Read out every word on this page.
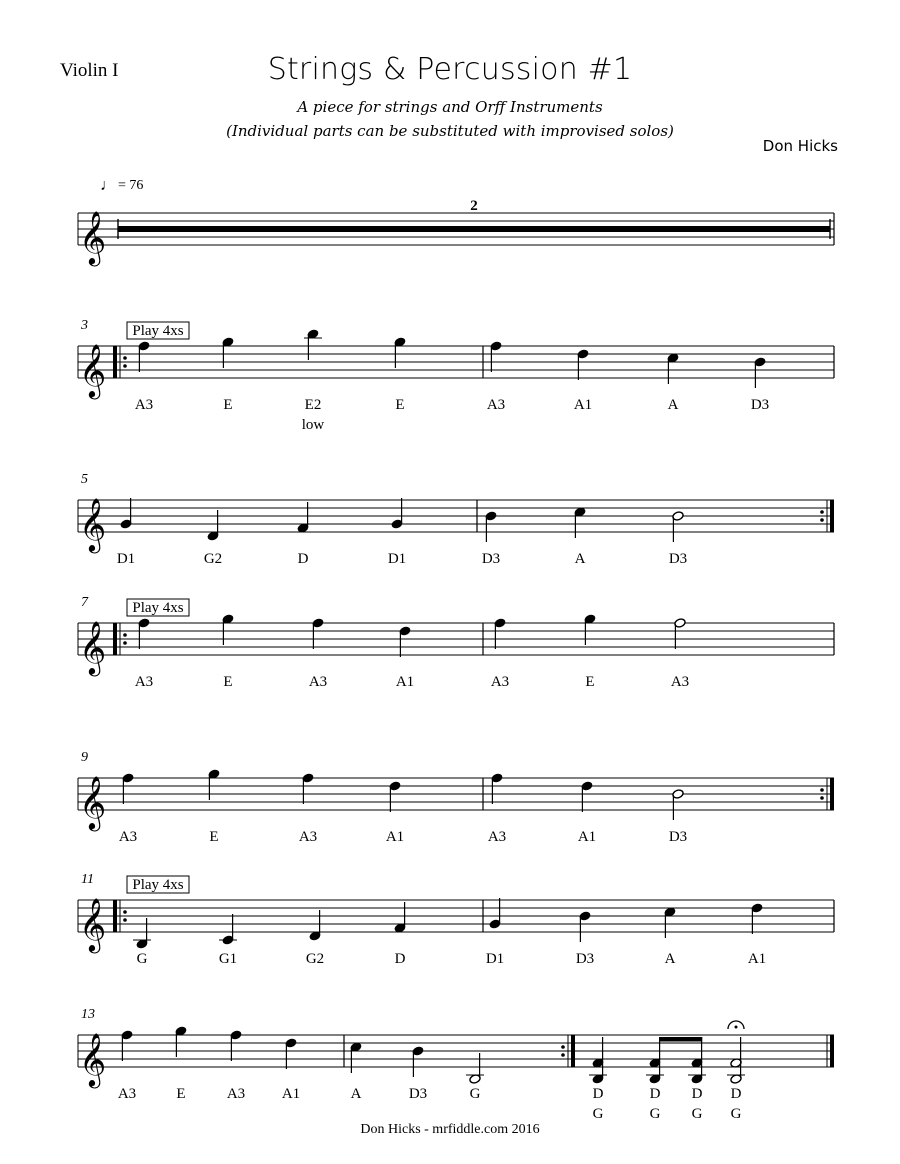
Violin I	Strings & Percussion #1
A piece for strings and Orff Instruments
(Individual parts can be substituted with improvised solos)
Don Hicks
♩ = 76
𝄞
2
𝄞
3	Play 4xs
A3	E	E2
low
E	A3	A1	A	D3
𝄞
5
D1	G2	D	D1	D3	A	D3
𝄞
7	Play 4xs
A3	E	A3	A1	A3	E	A3
𝄞
9
A3	E	A3	A1	A3	A1	D3
𝄞
11	Play 4xs
G	G1	G2	D	D1	D3	A	A1
𝄞
13
A3	E	A3 A1	A	D3	G	D
G
D
G
D
G
D
G
Don Hicks - mrfiddle.com 2016
